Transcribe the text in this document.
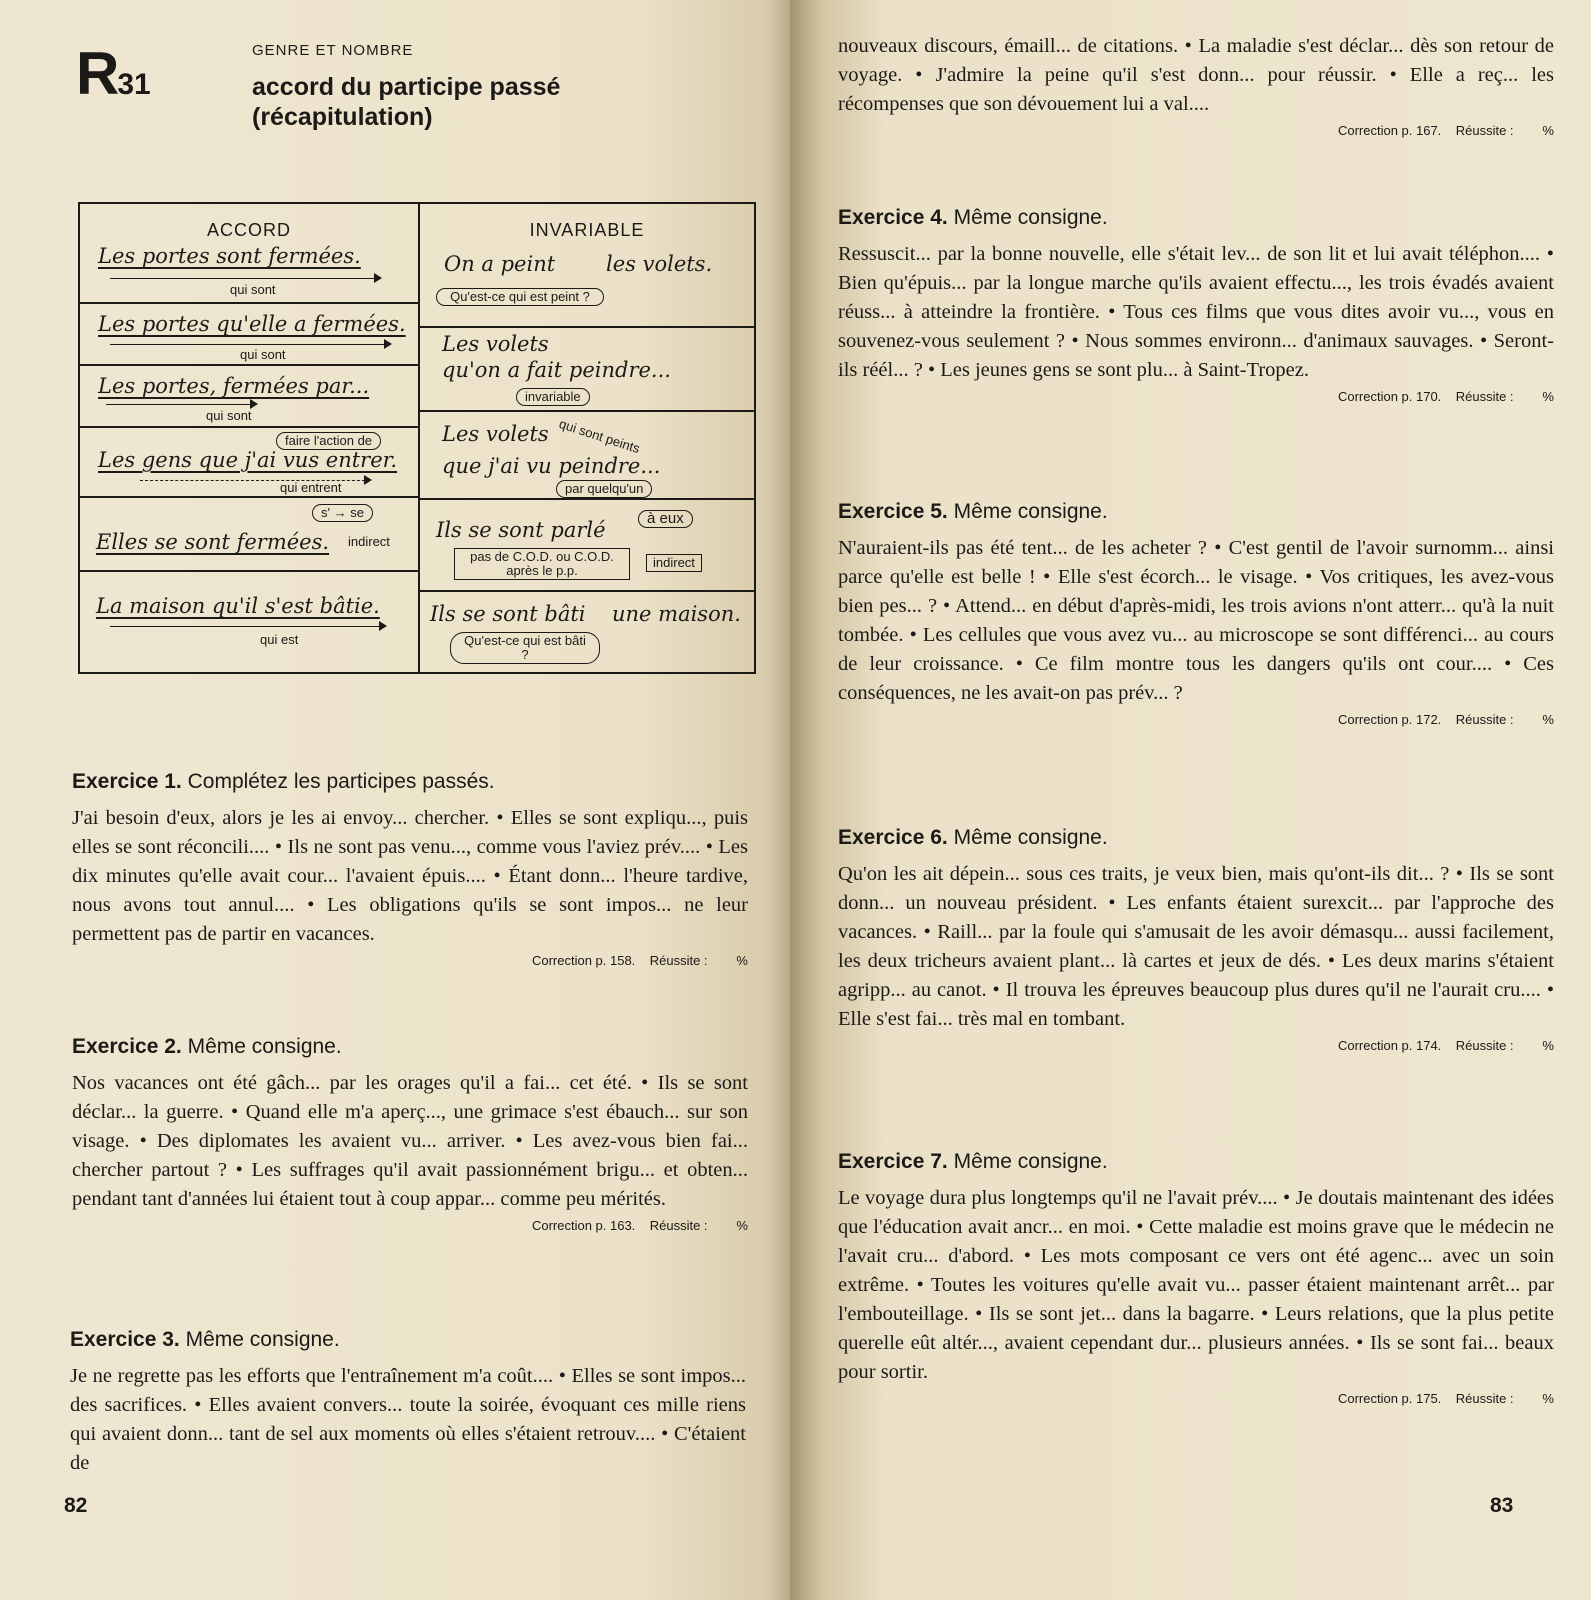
R31
GENRE ET NOMBRE
accord du participe passé (récapitulation)
ACCORD
Les portes sont fermées.
qui sont
Les portes qu'elle a fermées.
qui sont
Les portes, fermées par...
qui sont
faire l'action de
Les gens que j'ai vus entrer.
qui entrent
s' → se
Elles se sont fermées. indirect
La maison qu'il s'est bâtie.
qui est
INVARIABLE
On a peint les volets.
Qu'est-ce qui est peint ?
Les volets
qu'on a fait peindre...
invariable
qui sont peints
Les volets
que j'ai vu peindre...
par quelqu'un
Ils se sont parlé	à eux
pas de C.O.D. ou C.O.D. après le p.p.
indirect
Ils se sont bâti une maison.
Qu'est-ce qui est bâti ?
Exercice 1. Complétez les participes passés.

J'ai besoin d'eux, alors je les ai envoy... chercher. • Elles se sont expliqu..., puis elles se sont réconcili.... • Ils ne sont pas venu..., comme vous l'aviez prév.... • Les dix minutes qu'elle avait cour... l'avaient épuis.... • Étant donn... l'heure tardive, nous avons tout annul.... • Les obligations qu'ils se sont impos... ne leur permettent pas de partir en vacances.

Correction p. 158.    Réussite :        %
Exercice 2. Même consigne.

Nos vacances ont été gâch... par les orages qu'il a fai... cet été. • Ils se sont déclar... la guerre. • Quand elle m'a aperç..., une grimace s'est ébauch... sur son visage. • Des diplomates les avaient vu... arriver. • Les avez-vous bien fai... chercher partout ? • Les suffrages qu'il avait passionnément brigu... et obten... pendant tant d'années lui étaient tout à coup appar... comme peu mérités.

Correction p. 163.    Réussite :        %
Exercice 3. Même consigne.

Je ne regrette pas les efforts que l'entraînement m'a coût.... • Elles se sont impos... des sacrifices. • Elles avaient convers... toute la soirée, évoquant ces mille riens qui avaient donn... tant de sel aux moments où elles s'étaient retrouv.... • C'étaient de

82

nouveaux discours, émaill... de citations. • La maladie s'est déclar... dès son retour de voyage. • J'admire la peine qu'il s'est donn... pour réussir. • Elle a reç... les récompenses que son dévouement lui a val....

Correction p. 167.    Réussite :        %
Exercice 4. Même consigne.

Ressuscit... par la bonne nouvelle, elle s'était lev... de son lit et lui avait téléphon.... • Bien qu'épuis... par la longue marche qu'ils avaient effectu..., les trois évadés avaient réuss... à atteindre la frontière. • Tous ces films que vous dites avoir vu..., vous en souvenez-vous seulement ? • Nous sommes environn... d'animaux sauvages. • Seront-ils réél... ? • Les jeunes gens se sont plu... à Saint-Tropez.

Correction p. 170.    Réussite :        %
Exercice 5. Même consigne.

N'auraient-ils pas été tent... de les acheter ? • C'est gentil de l'avoir surnomm... ainsi parce qu'elle est belle ! • Elle s'est écorch... le visage. • Vos critiques, les avez-vous bien pes... ? • Attend... en début d'après-midi, les trois avions n'ont atterr... qu'à la nuit tombée. • Les cellules que vous avez vu... au microscope se sont différenci... au cours de leur croissance. • Ce film montre tous les dangers qu'ils ont cour.... • Ces conséquences, ne les avait-on pas prév... ?

Correction p. 172.    Réussite :        %
Exercice 6. Même consigne.

Qu'on les ait dépein... sous ces traits, je veux bien, mais qu'ont-ils dit... ? • Ils se sont donn... un nouveau président. • Les enfants étaient surexcit... par l'approche des vacances. • Raill... par la foule qui s'amusait de les avoir démasqu... aussi facilement, les deux tricheurs avaient plant... là cartes et jeux de dés. • Les deux marins s'étaient agripp... au canot. • Il trouva les épreuves beaucoup plus dures qu'il ne l'aurait cru.... • Elle s'est fai... très mal en tombant.

Correction p. 174.    Réussite :        %
Exercice 7. Même consigne.

Le voyage dura plus longtemps qu'il ne l'avait prév.... • Je doutais maintenant des idées que l'éducation avait ancr... en moi. • Cette maladie est moins grave que le médecin ne l'avait cru... d'abord. • Les mots composant ce vers ont été agenc... avec un soin extrême. • Toutes les voitures qu'elle avait vu... passer étaient maintenant arrêt... par l'embouteillage. • Ils se sont jet... dans la bagarre. • Leurs relations, que la plus petite querelle eût altér..., avaient cependant dur... plusieurs années. • Ils se sont fai... beaux pour sortir.

Correction p. 175.    Réussite :        %
83
